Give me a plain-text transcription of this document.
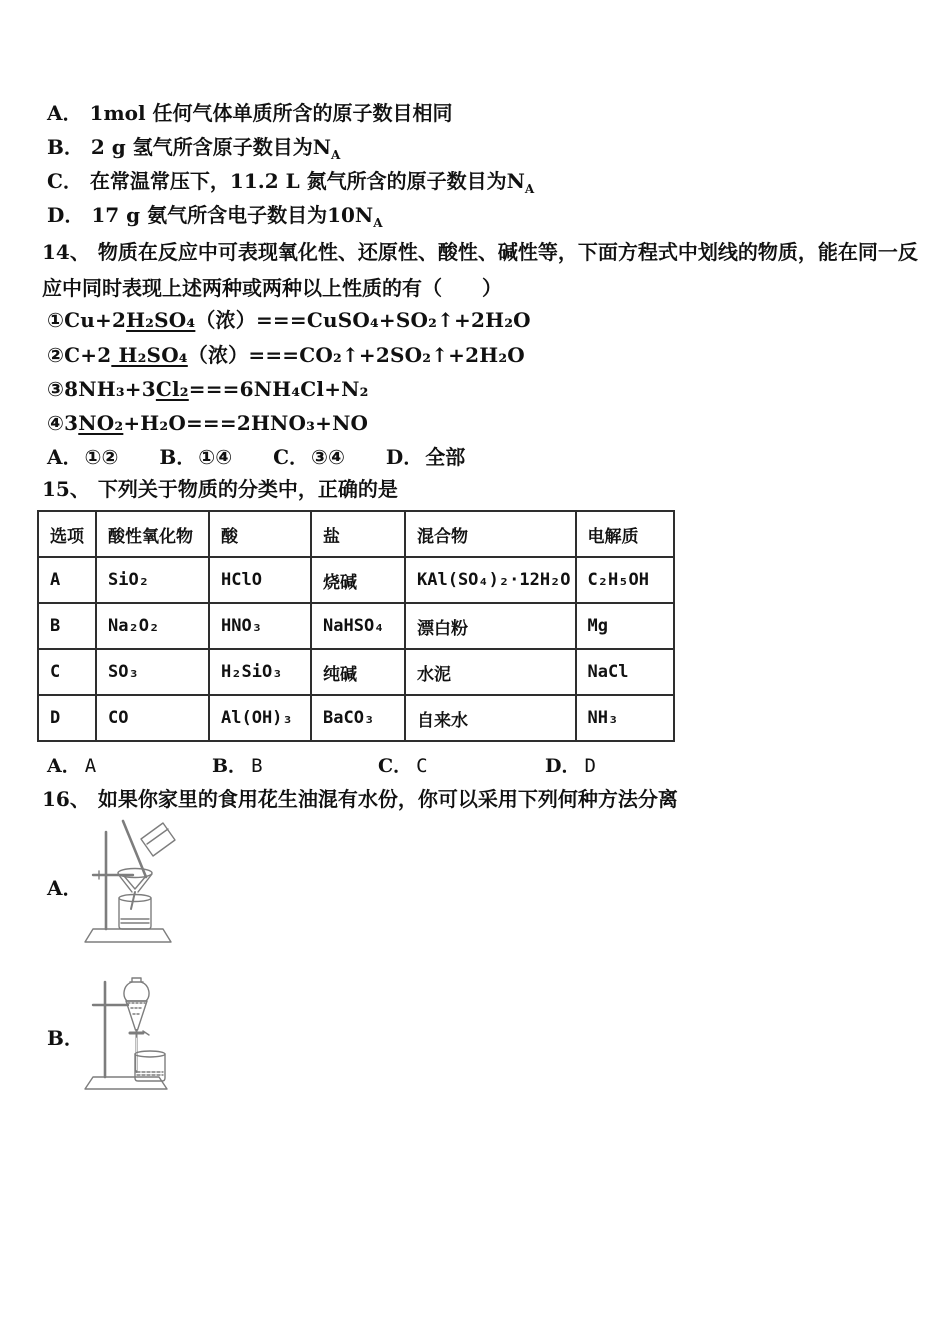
A． 1mol 任何气体单质所含的原子数目相同
B． 2 g 氢气所含原子数目为$N_A$
C． 在常温常压下，11.2 L 氮气所含的原子数目为$N_A$
D． 17 g 氨气所含电子数目为$10N_A$
14、 物质在反应中可表现氧化性、还原性、酸性、碱性等，下面方程式中划线的物质，能在同一反应中同时表现上述两种或两种以上性质的有（　　）
①Cu+2H₂SO₄（浓）===CuSO₄+SO₂↑+2H₂O
②C+2 H₂SO₄（浓）===CO₂↑+2SO₂↑+2H₂O
③8NH₃+3Cl₂===6NH₄Cl+N₂
④3NO₂+H₂O===2HNO₃+NO
A． ①② B． ①④ C． ③④ D． 全部
15、 下列关于物质的分类中，正确的是
选项	酸性氧化物	酸	盐	混合物	电解质
A	SiO₂	HClO	烧碱	KAl(SO₄)₂·12H₂O	C₂H₅OH
B	Na₂O₂	HNO₃	NaHSO₄	漂白粉	Mg
C	SO₃	H₂SiO₃	纯碱	水泥	NaCl
D	CO	Al(OH)₃	BaCO₃	自来水	NH₃
A． A	B． B	C． C	D． D
16、 如果你家里的食用花生油混有水份，你可以采用下列何种方法分离
A．
B．
